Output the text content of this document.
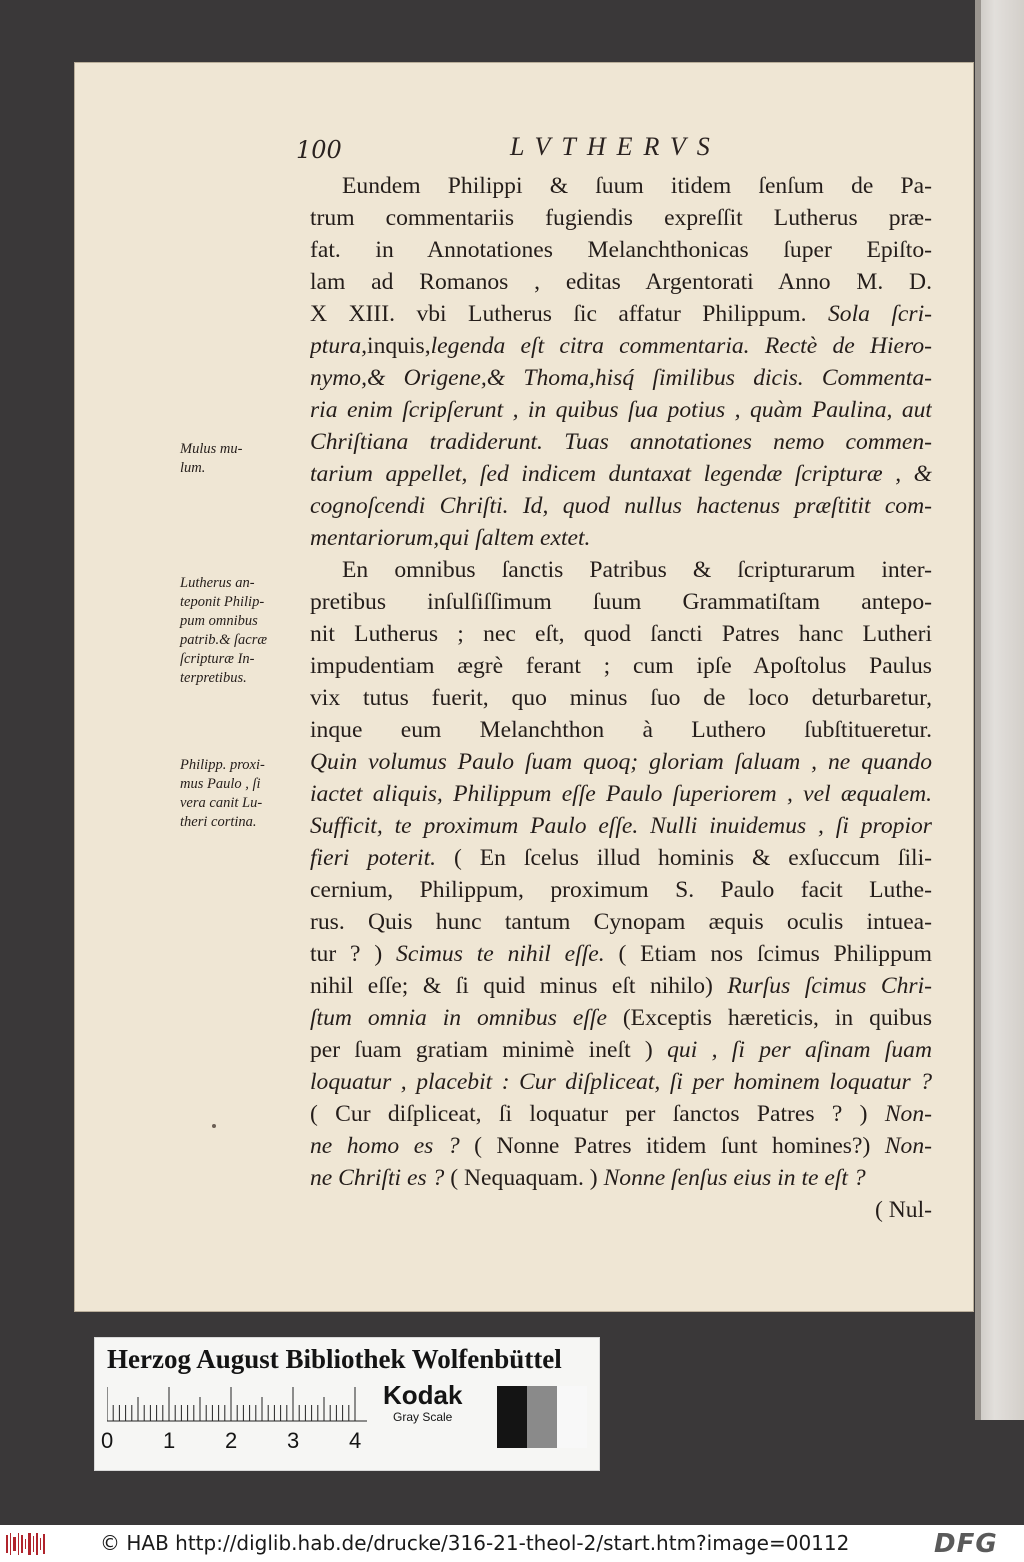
100	LVTHERVS
Eundem Philippi & ſuum itidem ſenſum de Pa-
trum commentariis fugiendis expreſſit Lutherus præ-
fat. in Annotationes Melanchthonicas ſuper Epiſto-
lam ad Romanos , editas Argentorati Anno M. D.
X XIII. vbi Lutherus ſic affatur Philippum. Sola ſcri-
ptura,inquis,legenda eſt citra commentaria. Rectè de Hiero-
nymo,& Origene,& Thoma,hisq́ ſimilibus dicis. Commenta-
ria enim ſcripſerunt , in quibus ſua potius , quàm Paulina, aut
Chriſtiana tradiderunt. Tuas annotationes nemo commen-
tarium appellet, ſed indicem duntaxat legendæ ſcripturæ , &
cognoſcendi Chriſti. Id, quod nullus hactenus præſtitit com-
mentariorum,qui ſaltem extet.
En omnibus ſanctis Patribus & ſcripturarum inter-
pretibus inſulſiſſimum ſuum Grammatiſtam antepo-
nit Lutherus ; nec eſt, quod ſancti Patres hanc Lutheri
impudentiam ægrè ferant ; cum ipſe Apoſtolus Paulus
vix tutus fuerit, quo minus ſuo de loco deturbaretur,
inque eum Melanchthon à Luthero ſubſtitueretur.
Quin volumus Paulo ſuam quoq; gloriam ſaluam , ne quando
iactet aliquis, Philippum eſſe Paulo ſuperiorem , vel æqualem.
Sufficit, te proximum Paulo eſſe. Nulli inuidemus , ſi propior
fieri poterit. ( En ſcelus illud hominis & exſuccum ſili-
cernium, Philippum, proximum S. Paulo facit Luthe-
rus. Quis hunc tantum Cynopam æquis oculis intuea-
tur ? ) Scimus te nihil eſſe. ( Etiam nos ſcimus Philippum
nihil eſſe; & ſi quid minus eſt nihilo) Rurſus ſcimus Chri-
ſtum omnia in omnibus eſſe (Exceptis hæreticis, in quibus
per ſuam gratiam minimè ineſt ) qui , ſi per aſinam ſuam
loquatur , placebit : Cur diſpliceat, ſi per hominem loquatur ?
( Cur diſpliceat, ſi loquatur per ſanctos Patres ? ) Non-
ne homo es ? ( Nonne Patres itidem ſunt homines?) Non-
ne Chriſti es ? ( Nequaquam. ) Nonne ſenſus eius in te eſt ?
( Nul-
Mulus mu-
lum.
Lutherus an-
teponit Philip-
pum omnibus
patrib.& ſacræ
ſcripturæ In-
terpretibus.
Philipp. proxi-
mus Paulo , ſi
vera canit Lu-
theri cortina.
Herzog August Bibliothek Wolfenbüttel
0 1 2 3 4
Kodak
Gray Scale
© HAB http://diglib.hab.de/drucke/316-21-theol-2/start.htm?image=00112	DFG
